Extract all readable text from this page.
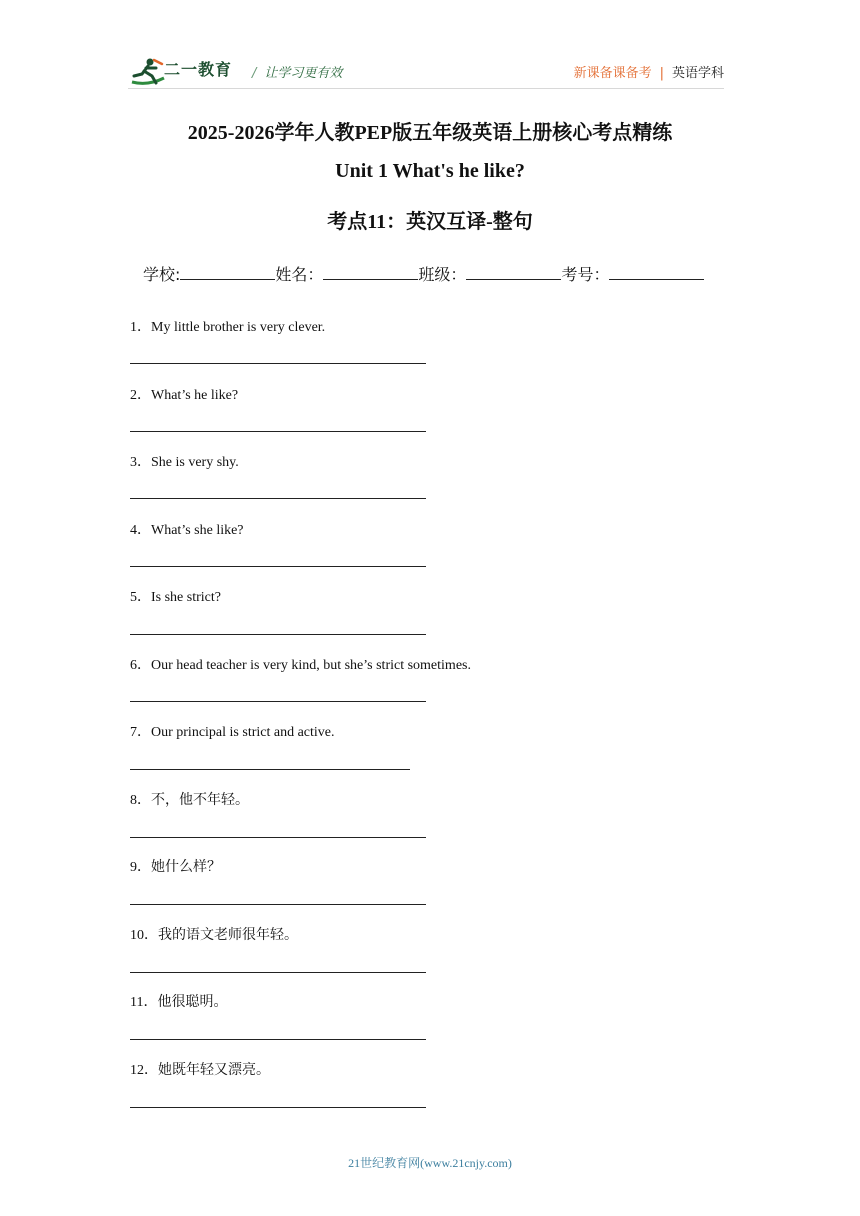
二一教育 / 让学习更有效	新课备课备考 | 英语学科
2025-2026学年人教PEP版五年级英语上册核心考点精练
Unit 1 What's he like?
考点11：英汉互译-整句
学校:	姓名：	班级：	考号：
1．My little brother is very clever.
2．What’s he like?
3．She is very shy.
4．What’s she like?
5．Is she strict?
6．Our head teacher is very kind, but she’s strict sometimes.
7．Our principal is strict and active.
8．不，他不年轻。
9．她什么样？
10．我的语文老师很年轻。
11．他很聪明。
12．她既年轻又漂亮。
21世纪教育网(www.21cnjy.com)
